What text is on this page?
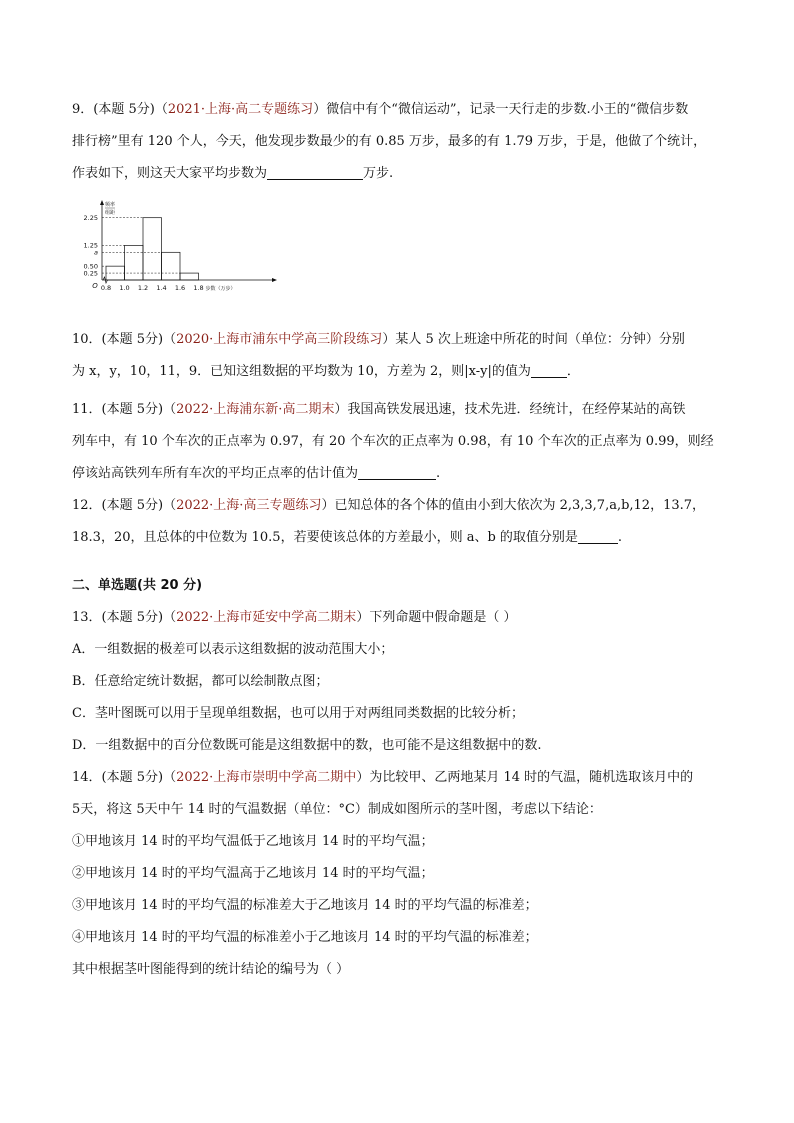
9．(本题 5分)（2021·上海·高二专题练习）微信中有个“微信运动”，记录一天行走的步数.小王的“微信步数
排行榜”里有 120 个人，今天，他发现步数最少的有 0.85 万步，最多的有 1.79 万步，于是，他做了个统计，
作表如下，则这天大家平均步数为	万步.
频率
组距
O
2.25
1.25
a
0.50
0.25
0.8 1.0 1.2 1.4 1.6 1.8 步数（万步）
10．(本题 5分)（2020·上海市浦东中学高三阶段练习）某人 5 次上班途中所花的时间（单位：分钟）分别
为 x，y，10，11，9．已知这组数据的平均数为 10，方差为 2，则|x-y|的值为	．
11．(本题 5分)（2022·上海浦东新·高二期末）我国高铁发展迅速，技术先进．经统计，在经停某站的高铁
列车中，有 10 个车次的正点率为 0.97，有 20 个车次的正点率为 0.98，有 10 个车次的正点率为 0.99，则经
停该站高铁列车所有车次的平均正点率的估计值为	.
12．(本题 5分)（2022·上海·高三专题练习）已知总体的各个体的值由小到大依次为 2,3,3,7,a,b,12，13.7，
18.3，20，且总体的中位数为 10.5，若要使该总体的方差最小，则 a、b 的取值分别是	.
二、单选题(共 20 分)
13．(本题 5分)（2022·上海市延安中学高二期末）下列命题中假命题是（ ）
A．一组数据的极差可以表示这组数据的波动范围大小；
B．任意给定统计数据，都可以绘制散点图；
C．茎叶图既可以用于呈现单组数据，也可以用于对两组同类数据的比较分析；
D．一组数据中的百分位数既可能是这组数据中的数，也可能不是这组数据中的数.
14．(本题 5分)（2022·上海市崇明中学高二期中）为比较甲、乙两地某月 14 时的气温，随机选取该月中的
5天，将这 5天中午 14 时的气温数据（单位：°C）制成如图所示的茎叶图，考虑以下结论：
①甲地该月 14 时的平均气温低于乙地该月 14 时的平均气温；
②甲地该月 14 时的平均气温高于乙地该月 14 时的平均气温；
③甲地该月 14 时的平均气温的标准差大于乙地该月 14 时的平均气温的标准差；
④甲地该月 14 时的平均气温的标准差小于乙地该月 14 时的平均气温的标准差；
其中根据茎叶图能得到的统计结论的编号为（ ）
